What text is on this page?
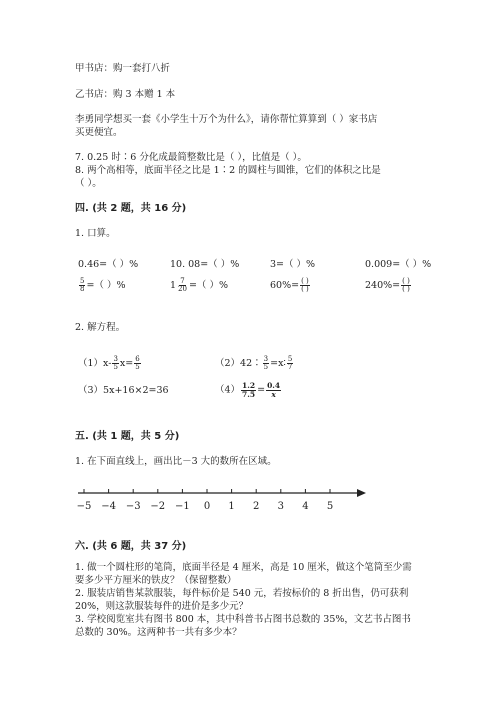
甲书店：购一套打八折
乙书店：购 3 本赠 1 本
李勇同学想买一套《小学生十万个为什么》，请你帮忙算算到（ ）家书店
买更便宜。
7. 0.25 时∶6 分化成最简整数比是（ ），比值是（ ）。
8. 两个高相等，底面半径之比是 1∶2 的圆柱与圆锥，它们的体积之比是
（ ）。
四. (共 2 题，共 16 分)
1. 口算。
0.46=（ ）%	10. 08=（ ）%	3=（ ）%	0.009=（ ）%
$\frac{5}{8}$ =（ ）%	$1 \frac{7}{20}$ =（ ）%	$60\%= \frac{( )}{( )}$	$240\%= \frac{( )}{( )}$
2. 解方程。
$(1)x- \frac{3}{5} x= \frac{6}{5}$	（2）42∶ $\frac{3}{5}$ =x∶ $\frac{5}{7}$
（3）5x+16×2=36	$(4) \frac{1.2}{7.5} = \frac{0.4}{x}$
五. (共 1 题，共 5 分)
1. 在下面直线上，画出比－3 大的数所在区域。
−5 −4 −3 −2 −1 0 1 2 3 4 5
六. (共 6 题，共 37 分)
1. 做一个圆柱形的笔筒，底面半径是 4 厘米，高是 10 厘米，做这个笔筒至少需
要多少平方厘米的铁皮？（保留整数）
2. 服装店销售某款服装，每件标价是 540 元，若按标价的 8 折出售，仍可获利
20%，则这款服装每件的进价是多少元？
3. 学校阅览室共有图书 800 本，其中科普书占图书总数的 35%，文艺书占图书
总数的 30%。这两种书一共有多少本？
